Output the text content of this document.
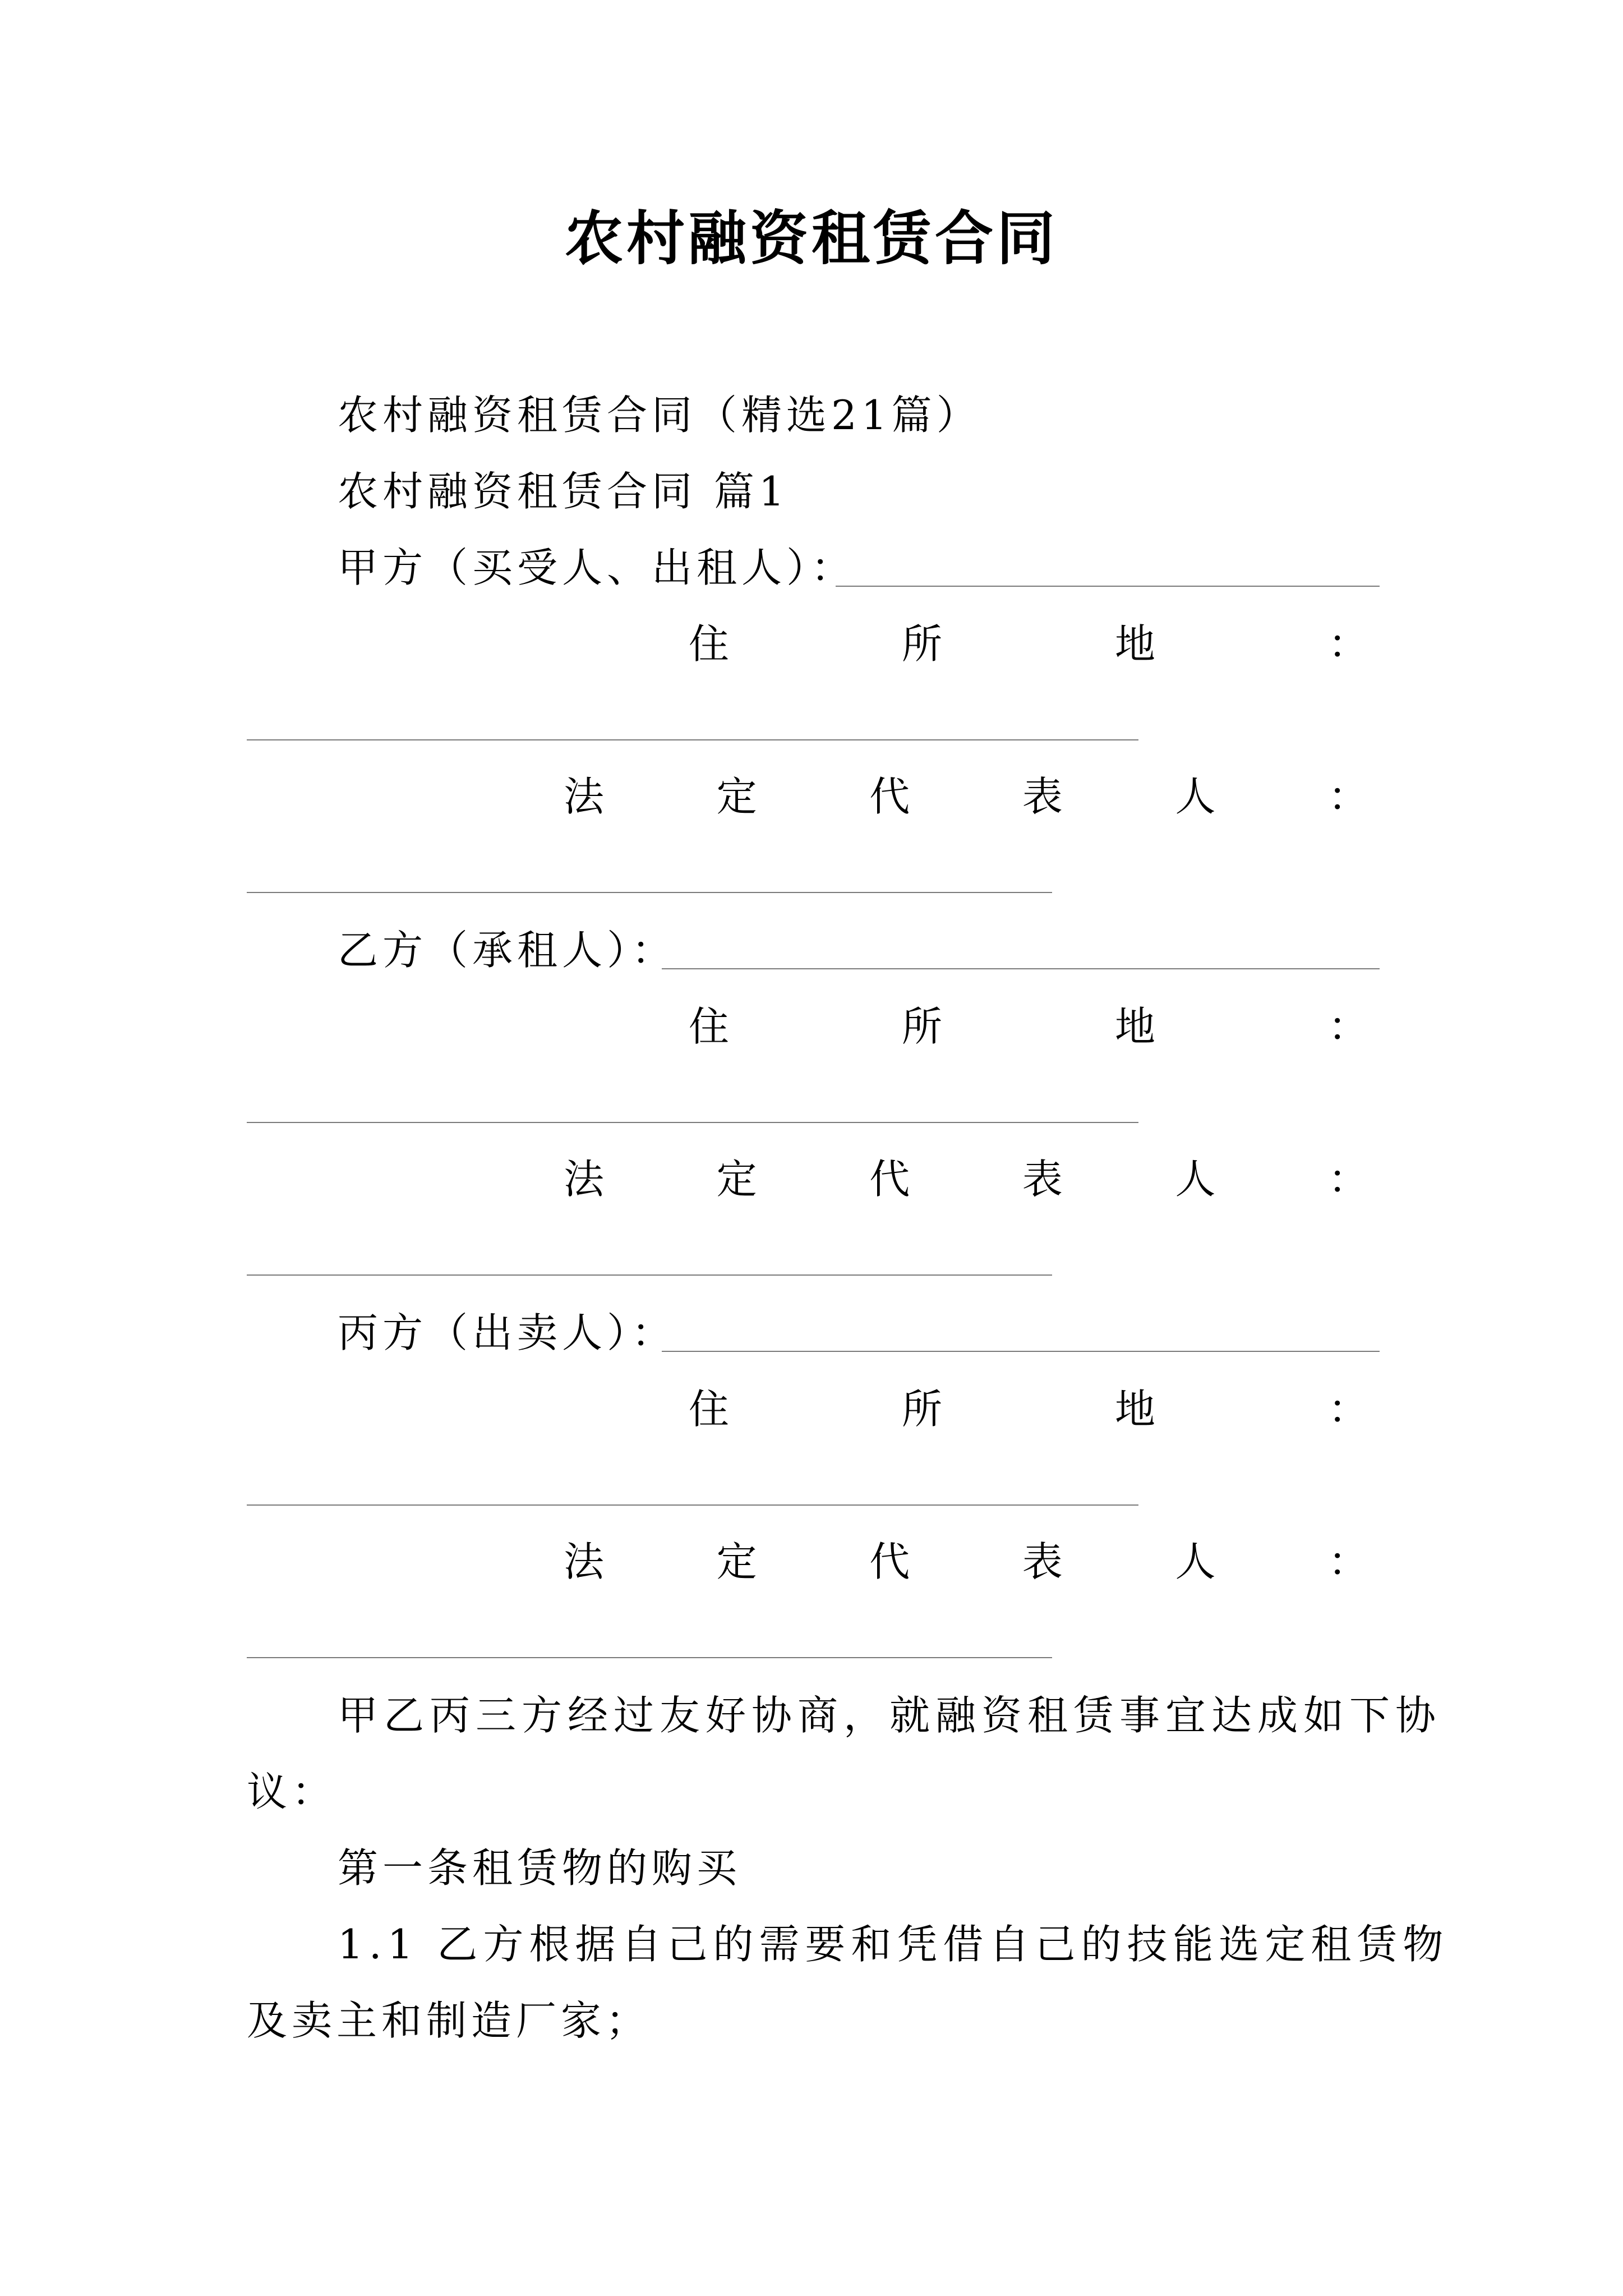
农村融资租赁合同
农村融资租赁合同（精选21篇）
农村融资租赁合同 篇1
甲方（买受人、出租人）：
住	所	地	：
法	定	代	表	人	：
乙方（承租人）：
住	所	地	：
法	定	代	表	人	：
丙方（出卖人）：
住	所	地	：
法	定	代	表	人	：
甲乙丙三方经过友好协商，就融资租赁事宜达成如下协
议：
第一条租赁物的购买
1.1 乙方根据自己的需要和凭借自己的技能选定租赁物
及卖主和制造厂家；
